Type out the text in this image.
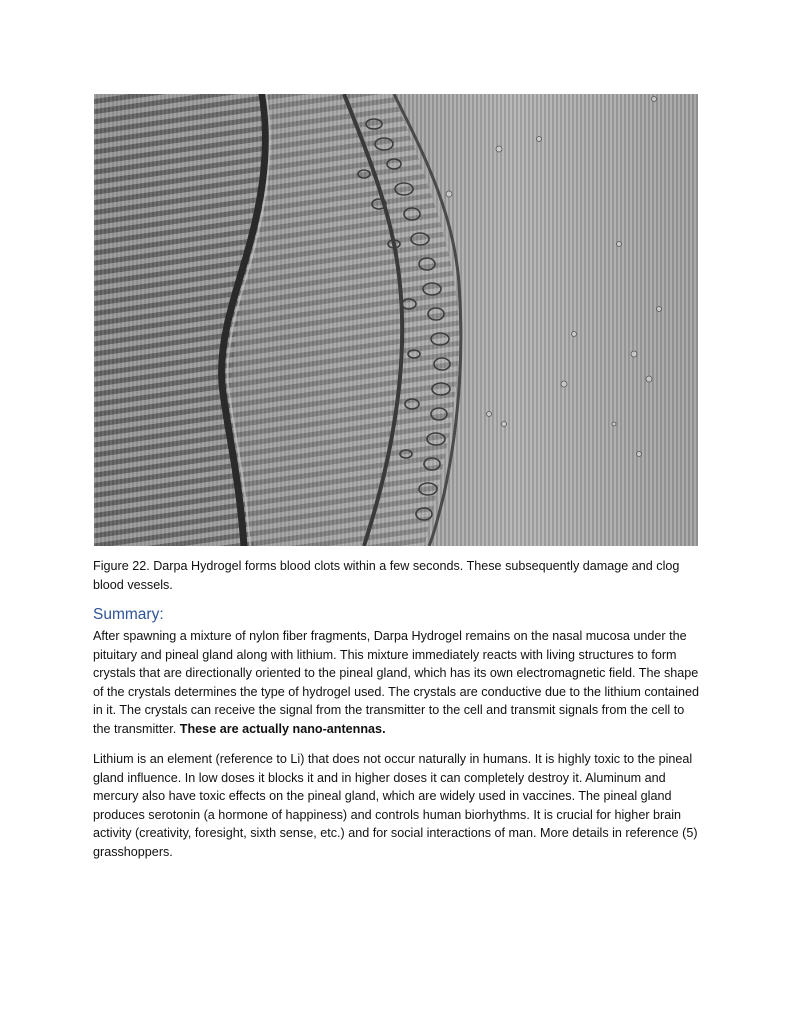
Figure 22. Darpa Hydrogel forms blood clots within a few seconds. These subsequently damage and clog blood vessels.
Summary:
After spawning a mixture of nylon fiber fragments, Darpa Hydrogel remains on the nasal mucosa under the pituitary and pineal gland along with lithium. This mixture immediately reacts with living structures to form crystals that are directionally oriented to the pineal gland, which has its own electromagnetic field. The shape of the crystals determines the type of hydrogel used. The crystals are conductive due to the lithium contained in it. The crystals can receive the signal from the transmitter to the cell and transmit signals from the cell to the transmitter. These are actually nano-antennas.
Lithium is an element (reference to Li) that does not occur naturally in humans. It is highly toxic to the pineal gland influence. In low doses it blocks it and in higher doses it can completely destroy it. Aluminum and mercury also have toxic effects on the pineal gland, which are widely used in vaccines. The pineal gland produces serotonin (a hormone of happiness) and controls human biorhythms. It is crucial for higher brain activity (creativity, foresight, sixth sense, etc.) and for social interactions of man. More details in reference (5) grasshoppers.
